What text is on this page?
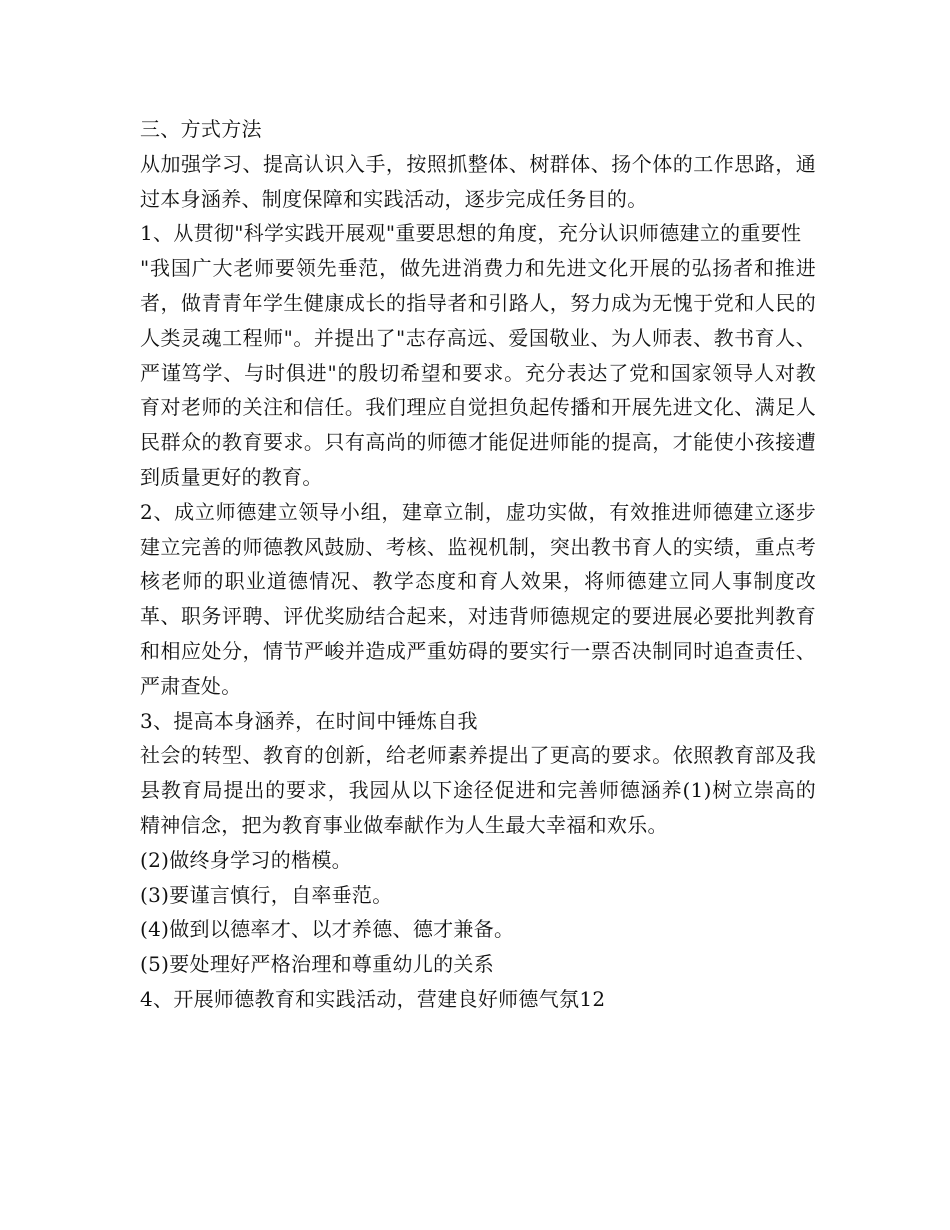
三、方式方法

从加强学习、提高认识入手，按照抓整体、树群体、扬个体的工作思路，通过本身涵养、制度保障和实践活动，逐步完成任务目的。

1、从贯彻"科学实践开展观"重要思想的角度，充分认识师德建立的重要性

"我国广大老师要领先垂范，做先进消费力和先进文化开展的弘扬者和推进者，做青青年学生健康成长的指导者和引路人，努力成为无愧于党和人民的人类灵魂工程师"。并提出了"志存高远、爱国敬业、为人师表、教书育人、严谨笃学、与时俱进"的殷切希望和要求。充分表达了党和国家领导人对教育对老师的关注和信任。我们理应自觉担负起传播和开展先进文化、满足人民群众的教育要求。只有高尚的师德才能促进师能的提高，才能使小孩接遭到质量更好的教育。

2、成立师德建立领导小组，建章立制，虚功实做，有效推进师德建立逐步建立完善的师德教风鼓励、考核、监视机制，突出教书育人的实绩，重点考核老师的职业道德情况、教学态度和育人效果，将师德建立同人事制度改革、职务评聘、评优奖励结合起来，对违背师德规定的要进展必要批判教育和相应处分，情节严峻并造成严重妨碍的要实行一票否决制同时追查责任、严肃查处。

3、提高本身涵养，在时间中锤炼自我

社会的转型、教育的创新，给老师素养提出了更高的要求。依照教育部及我县教育局提出的要求，我园从以下途径促进和完善师德涵养(1)树立崇高的精神信念，把为教育事业做奉献作为人生最大幸福和欢乐。

(2)做终身学习的楷模。

(3)要谨言慎行，自率垂范。

(4)做到以德率才、以才养德、德才兼备。

(5)要处理好严格治理和尊重幼儿的关系

4、开展师德教育和实践活动，营建良好师德气氛12
